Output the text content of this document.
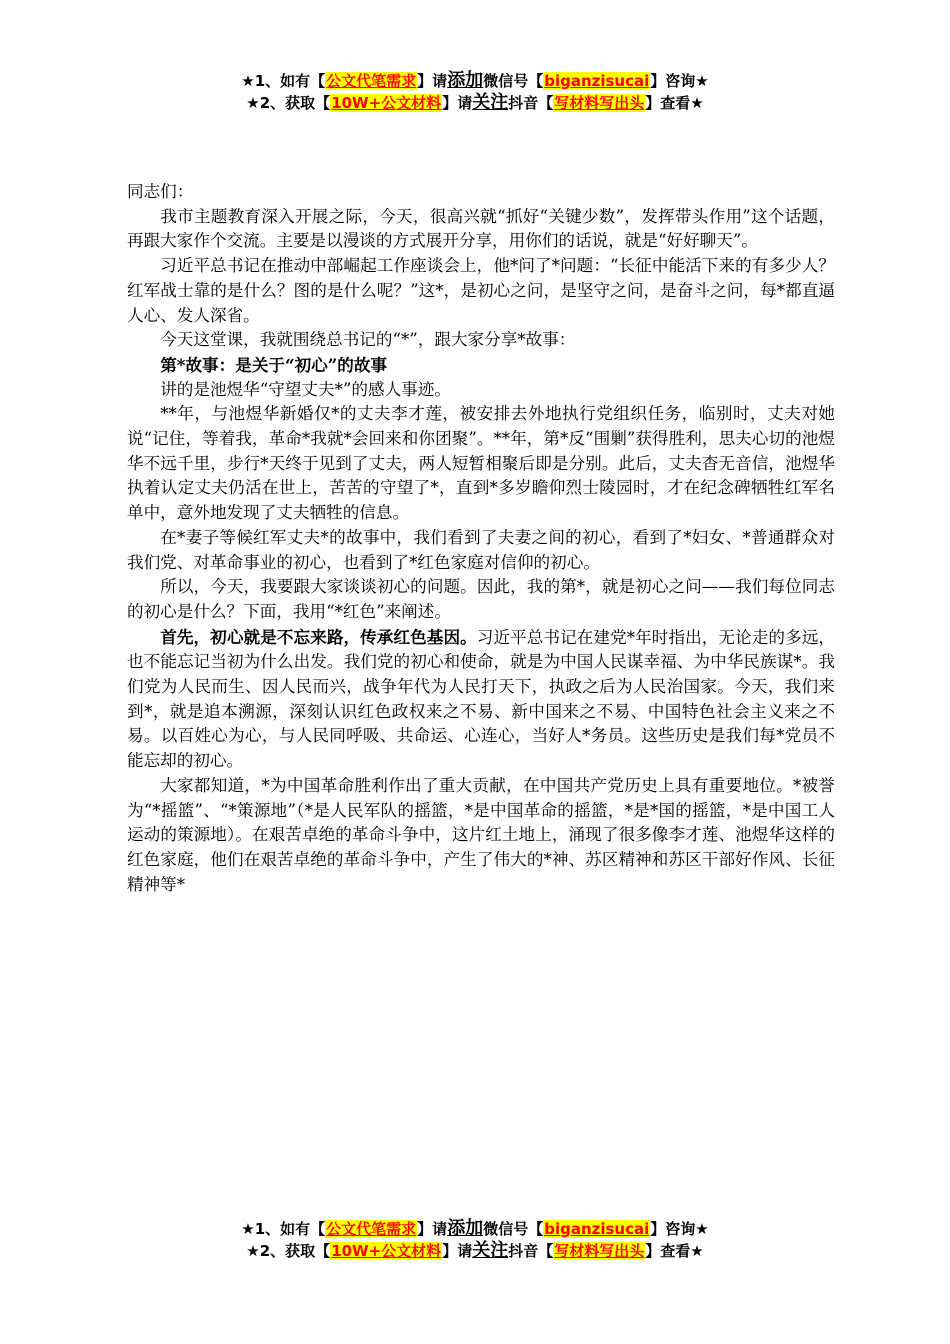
★1、如有【公文代笔需求】请添加微信号【biganzisucai】咨询★
★2、获取【10W+公文材料】请关注抖音【写材料写出头】查看★

同志们：

我市主题教育深入开展之际，今天，很高兴就“抓好“关键少数”，发挥带头作用”这个话题，再跟大家作个交流。主要是以漫谈的方式展开分享，用你们的话说，就是“好好聊天”。

习近平总书记在推动中部崛起工作座谈会上，他*问了*问题：“长征中能活下来的有多少人？红军战士靠的是什么？图的是什么呢？”这*，是初心之问，是坚守之问，是奋斗之问，每*都直逼人心、发人深省。

今天这堂课，我就围绕总书记的“*”，跟大家分享*故事：

第*故事：是关于“初心”的故事

讲的是池煜华“守望丈夫*”的感人事迹。

**年，与池煜华新婚仅*的丈夫李才莲，被安排去外地执行党组织任务，临别时，丈夫对她说“记住，等着我，革命*我就*会回来和你团聚”。**年，第*反“围剿”获得胜利，思夫心切的池煜华不远千里，步行*天终于见到了丈夫，两人短暂相聚后即是分别。此后，丈夫杳无音信，池煜华执着认定丈夫仍活在世上，苦苦的守望了*，直到*多岁瞻仰烈士陵园时，才在纪念碑牺牲红军名单中，意外地发现了丈夫牺牲的信息。

在*妻子等候红军丈夫*的故事中，我们看到了夫妻之间的初心，看到了*妇女、*普通群众对我们党、对革命事业的初心，也看到了*红色家庭对信仰的初心。

所以，今天，我要跟大家谈谈初心的问题。因此，我的第*，就是初心之问——我们每位同志的初心是什么？下面，我用“*红色”来阐述。

首先，初心就是不忘来路，传承红色基因。习近平总书记在建党*年时指出，无论走的多远，也不能忘记当初为什么出发。我们党的初心和使命，就是为中国人民谋幸福、为中华民族谋*。我们党为人民而生、因人民而兴，战争年代为人民打天下，执政之后为人民治国家。今天，我们来到*，就是追本溯源，深刻认识红色政权来之不易、新中国来之不易、中国特色社会主义来之不易。以百姓心为心，与人民同呼吸、共命运、心连心，当好人*务员。这些历史是我们每*党员不能忘却的初心。

大家都知道，*为中国革命胜利作出了重大贡献，在中国共产党历史上具有重要地位。*被誉为“*摇篮”、“*策源地”（*是人民军队的摇篮，*是中国革命的摇篮，*是*国的摇篮，*是中国工人运动的策源地）。在艰苦卓绝的革命斗争中，这片红土地上，涌现了很多像李才莲、池煜华这样的红色家庭，他们在艰苦卓绝的革命斗争中，产生了伟大的*神、苏区精神和苏区干部好作风、长征精神等*

★1、如有【公文代笔需求】请添加微信号【biganzisucai】咨询★
★2、获取【10W+公文材料】请关注抖音【写材料写出头】查看★
